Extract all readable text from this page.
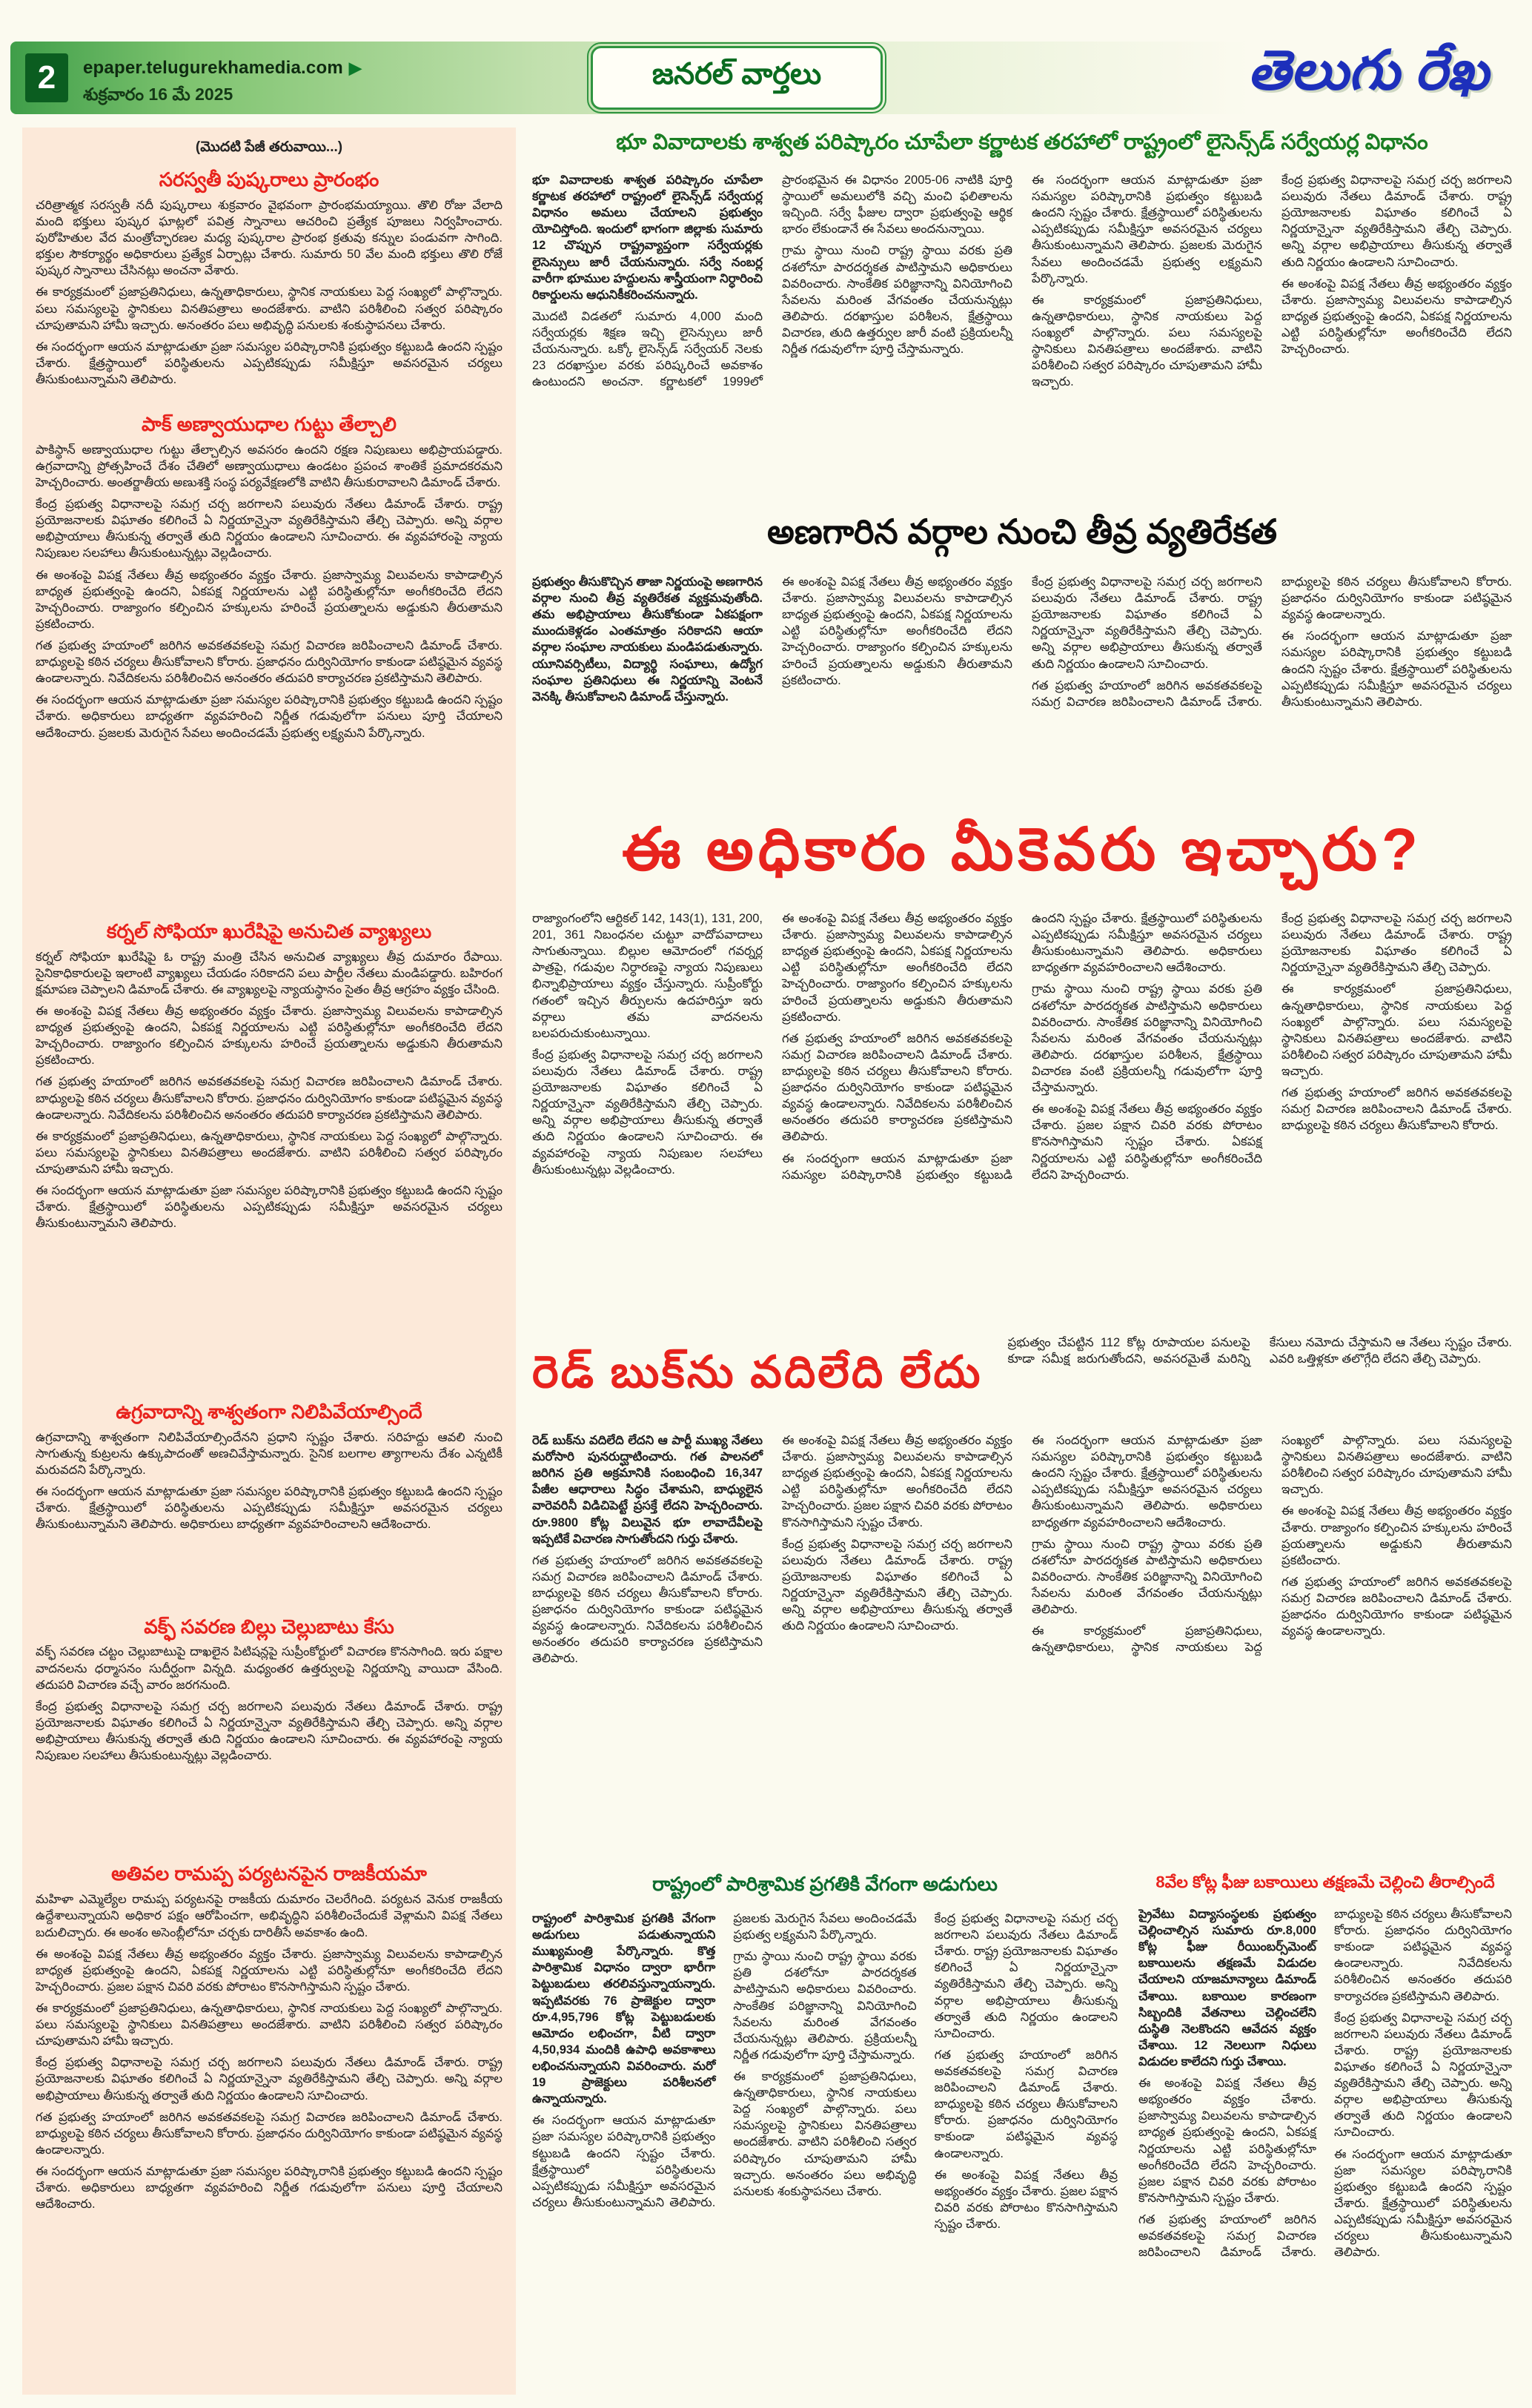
2	epaper.telugurekhamedia.com ▶
శుక్రవారం 16 మే 2025
జనరల్ వార్తలు	తెలుగు రేఖ
(మొదటి పేజీ తరువాయి...)
సరస్వతీ పుష్కరాలు ప్రారంభం

చరిత్రాత్మక సరస్వతీ నదీ పుష్కరాలు శుక్రవారం వైభవంగా ప్రారంభమయ్యాయి. తొలి రోజు వేలాది మంది భక్తులు పుష్కర ఘాట్లలో పవిత్ర స్నానాలు ఆచరించి ప్రత్యేక పూజలు నిర్వహించారు. పురోహితుల వేద మంత్రోచ్ఛారణల మధ్య పుష్కరాల ప్రారంభ క్రతువు కన్నుల పండువగా సాగింది. భక్తుల సౌకర్యార్థం అధికారులు ప్రత్యేక ఏర్పాట్లు చేశారు. సుమారు 50 వేల మంది భక్తులు తొలి రోజే పుష్కర స్నానాలు చేసినట్లు అంచనా వేశారు.

ఈ కార్యక్రమంలో ప్రజాప్రతినిధులు, ఉన్నతాధికారులు, స్థానిక నాయకులు పెద్ద సంఖ్యలో పాల్గొన్నారు. పలు సమస్యలపై స్థానికులు వినతిపత్రాలు అందజేశారు. వాటిని పరిశీలించి సత్వర పరిష్కారం చూపుతామని హామీ ఇచ్చారు. అనంతరం పలు అభివృద్ధి పనులకు శంకుస్థాపనలు చేశారు.

ఈ సందర్భంగా ఆయన మాట్లాడుతూ ప్రజా సమస్యల పరిష్కారానికి ప్రభుత్వం కట్టుబడి ఉందని స్పష్టం చేశారు. క్షేత్రస్థాయిలో పరిస్థితులను ఎప్పటికప్పుడు సమీక్షిస్తూ అవసరమైన చర్యలు తీసుకుంటున్నామని తెలిపారు.

పాక్ అణ్వాయుధాల గుట్టు తేల్చాలి

పాకిస్థాన్ అణ్వాయుధాల గుట్టు తేల్చాల్సిన అవసరం ఉందని రక్షణ నిపుణులు అభిప్రాయపడ్డారు. ఉగ్రవాదాన్ని ప్రోత్సహించే దేశం చేతిలో అణ్వాయుధాలు ఉండటం ప్రపంచ శాంతికే ప్రమాదకరమని హెచ్చరించారు. అంతర్జాతీయ అణుశక్తి సంస్థ పర్యవేక్షణలోకి వాటిని తీసుకురావాలని డిమాండ్ చేశారు.

కేంద్ర ప్రభుత్వ విధానాలపై సమగ్ర చర్చ జరగాలని పలువురు నేతలు డిమాండ్ చేశారు. రాష్ట్ర ప్రయోజనాలకు విఘాతం కలిగించే ఏ నిర్ణయాన్నైనా వ్యతిరేకిస్తామని తేల్చి చెప్పారు. అన్ని వర్గాల అభిప్రాయాలు తీసుకున్న తర్వాతే తుది నిర్ణయం ఉండాలని సూచించారు. ఈ వ్యవహారంపై న్యాయ నిపుణుల సలహాలు తీసుకుంటున్నట్లు వెల్లడించారు.

ఈ అంశంపై విపక్ష నేతలు తీవ్ర అభ్యంతరం వ్యక్తం చేశారు. ప్రజాస్వామ్య విలువలను కాపాడాల్సిన బాధ్యత ప్రభుత్వంపై ఉందని, ఏకపక్ష నిర్ణయాలను ఎట్టి పరిస్థితుల్లోనూ అంగీకరించేది లేదని హెచ్చరించారు. రాజ్యాంగం కల్పించిన హక్కులను హరించే ప్రయత్నాలను అడ్డుకుని తీరుతామని ప్రకటించారు.

గత ప్రభుత్వ హయాంలో జరిగిన అవకతవకలపై సమగ్ర విచారణ జరిపించాలని డిమాండ్ చేశారు. బాధ్యులపై కఠిన చర్యలు తీసుకోవాలని కోరారు. ప్రజాధనం దుర్వినియోగం కాకుండా పటిష్ఠమైన వ్యవస్థ ఉండాలన్నారు. నివేదికలను పరిశీలించిన అనంతరం తదుపరి కార్యాచరణ ప్రకటిస్తామని తెలిపారు.

ఈ సందర్భంగా ఆయన మాట్లాడుతూ ప్రజా సమస్యల పరిష్కారానికి ప్రభుత్వం కట్టుబడి ఉందని స్పష్టం చేశారు. అధికారులు బాధ్యతగా వ్యవహరించి నిర్ణీత గడువులోగా పనులు పూర్తి చేయాలని ఆదేశించారు. ప్రజలకు మెరుగైన సేవలు అందించడమే ప్రభుత్వ లక్ష్యమని పేర్కొన్నారు.

కర్నల్ సోఫియా ఖురేషిపై అనుచిత వ్యాఖ్యలు

కర్నల్ సోఫియా ఖురేషిపై ఓ రాష్ట్ర మంత్రి చేసిన అనుచిత వ్యాఖ్యలు తీవ్ర దుమారం రేపాయి. సైనికాధికారులపై ఇలాంటి వ్యాఖ్యలు చేయడం సరికాదని పలు పార్టీల నేతలు మండిపడ్డారు. బహిరంగ క్షమాపణ చెప్పాలని డిమాండ్ చేశారు. ఈ వ్యాఖ్యలపై న్యాయస్థానం సైతం తీవ్ర ఆగ్రహం వ్యక్తం చేసింది.

ఈ అంశంపై విపక్ష నేతలు తీవ్ర అభ్యంతరం వ్యక్తం చేశారు. ప్రజాస్వామ్య విలువలను కాపాడాల్సిన బాధ్యత ప్రభుత్వంపై ఉందని, ఏకపక్ష నిర్ణయాలను ఎట్టి పరిస్థితుల్లోనూ అంగీకరించేది లేదని హెచ్చరించారు. రాజ్యాంగం కల్పించిన హక్కులను హరించే ప్రయత్నాలను అడ్డుకుని తీరుతామని ప్రకటించారు.

గత ప్రభుత్వ హయాంలో జరిగిన అవకతవకలపై సమగ్ర విచారణ జరిపించాలని డిమాండ్ చేశారు. బాధ్యులపై కఠిన చర్యలు తీసుకోవాలని కోరారు. ప్రజాధనం దుర్వినియోగం కాకుండా పటిష్ఠమైన వ్యవస్థ ఉండాలన్నారు. నివేదికలను పరిశీలించిన అనంతరం తదుపరి కార్యాచరణ ప్రకటిస్తామని తెలిపారు.

ఈ కార్యక్రమంలో ప్రజాప్రతినిధులు, ఉన్నతాధికారులు, స్థానిక నాయకులు పెద్ద సంఖ్యలో పాల్గొన్నారు. పలు సమస్యలపై స్థానికులు వినతిపత్రాలు అందజేశారు. వాటిని పరిశీలించి సత్వర పరిష్కారం చూపుతామని హామీ ఇచ్చారు.

ఈ సందర్భంగా ఆయన మాట్లాడుతూ ప్రజా సమస్యల పరిష్కారానికి ప్రభుత్వం కట్టుబడి ఉందని స్పష్టం చేశారు. క్షేత్రస్థాయిలో పరిస్థితులను ఎప్పటికప్పుడు సమీక్షిస్తూ అవసరమైన చర్యలు తీసుకుంటున్నామని తెలిపారు.

ఉగ్రవాదాన్ని శాశ్వతంగా నిలిపివేయాల్సిందే

ఉగ్రవాదాన్ని శాశ్వతంగా నిలిపివేయాల్సిందేనని ప్రధాని స్పష్టం చేశారు. సరిహద్దు ఆవలి నుంచి సాగుతున్న కుట్రలను ఉక్కుపాదంతో అణచివేస్తామన్నారు. సైనిక బలగాల త్యాగాలను దేశం ఎన్నటికీ మరువదని పేర్కొన్నారు.

ఈ సందర్భంగా ఆయన మాట్లాడుతూ ప్రజా సమస్యల పరిష్కారానికి ప్రభుత్వం కట్టుబడి ఉందని స్పష్టం చేశారు. క్షేత్రస్థాయిలో పరిస్థితులను ఎప్పటికప్పుడు సమీక్షిస్తూ అవసరమైన చర్యలు తీసుకుంటున్నామని తెలిపారు. అధికారులు బాధ్యతగా వ్యవహరించాలని ఆదేశించారు.

వక్ఫ్ సవరణ బిల్లు చెల్లుబాటు కేసు

వక్ఫ్ సవరణ చట్టం చెల్లుబాటుపై దాఖలైన పిటిషన్లపై సుప్రీంకోర్టులో విచారణ కొనసాగింది. ఇరు పక్షాల వాదనలను ధర్మాసనం సుదీర్ఘంగా విన్నది. మధ్యంతర ఉత్తర్వులపై నిర్ణయాన్ని వాయిదా వేసింది. తదుపరి విచారణ వచ్చే వారం జరగనుంది.

కేంద్ర ప్రభుత్వ విధానాలపై సమగ్ర చర్చ జరగాలని పలువురు నేతలు డిమాండ్ చేశారు. రాష్ట్ర ప్రయోజనాలకు విఘాతం కలిగించే ఏ నిర్ణయాన్నైనా వ్యతిరేకిస్తామని తేల్చి చెప్పారు. అన్ని వర్గాల అభిప్రాయాలు తీసుకున్న తర్వాతే తుది నిర్ణయం ఉండాలని సూచించారు. ఈ వ్యవహారంపై న్యాయ నిపుణుల సలహాలు తీసుకుంటున్నట్లు వెల్లడించారు.

అతివల రామప్ప పర్యటనపైన రాజకీయమా

మహిళా ఎమ్మెల్యేల రామప్ప పర్యటనపై రాజకీయ దుమారం చెలరేగింది. పర్యటన వెనుక రాజకీయ ఉద్దేశాలున్నాయని అధికార పక్షం ఆరోపించగా, అభివృద్ధిని పరిశీలించేందుకే వెళ్లామని విపక్ష నేతలు బదులిచ్చారు. ఈ అంశం అసెంబ్లీలోనూ చర్చకు దారితీసే అవకాశం ఉంది.

ఈ అంశంపై విపక్ష నేతలు తీవ్ర అభ్యంతరం వ్యక్తం చేశారు. ప్రజాస్వామ్య విలువలను కాపాడాల్సిన బాధ్యత ప్రభుత్వంపై ఉందని, ఏకపక్ష నిర్ణయాలను ఎట్టి పరిస్థితుల్లోనూ అంగీకరించేది లేదని హెచ్చరించారు. ప్రజల పక్షాన చివరి వరకు పోరాటం కొనసాగిస్తామని స్పష్టం చేశారు.

ఈ కార్యక్రమంలో ప్రజాప్రతినిధులు, ఉన్నతాధికారులు, స్థానిక నాయకులు పెద్ద సంఖ్యలో పాల్గొన్నారు. పలు సమస్యలపై స్థానికులు వినతిపత్రాలు అందజేశారు. వాటిని పరిశీలించి సత్వర పరిష్కారం చూపుతామని హామీ ఇచ్చారు.

కేంద్ర ప్రభుత్వ విధానాలపై సమగ్ర చర్చ జరగాలని పలువురు నేతలు డిమాండ్ చేశారు. రాష్ట్ర ప్రయోజనాలకు విఘాతం కలిగించే ఏ నిర్ణయాన్నైనా వ్యతిరేకిస్తామని తేల్చి చెప్పారు. అన్ని వర్గాల అభిప్రాయాలు తీసుకున్న తర్వాతే తుది నిర్ణయం ఉండాలని సూచించారు.

గత ప్రభుత్వ హయాంలో జరిగిన అవకతవకలపై సమగ్ర విచారణ జరిపించాలని డిమాండ్ చేశారు. బాధ్యులపై కఠిన చర్యలు తీసుకోవాలని కోరారు. ప్రజాధనం దుర్వినియోగం కాకుండా పటిష్ఠమైన వ్యవస్థ ఉండాలన్నారు.

ఈ సందర్భంగా ఆయన మాట్లాడుతూ ప్రజా సమస్యల పరిష్కారానికి ప్రభుత్వం కట్టుబడి ఉందని స్పష్టం చేశారు. అధికారులు బాధ్యతగా వ్యవహరించి నిర్ణీత గడువులోగా పనులు పూర్తి చేయాలని ఆదేశించారు.

భూ వివాదాలకు శాశ్వత పరిష్కారం చూపేలా కర్ణాటక తరహాలో రాష్ట్రంలో లైసెన్స్‌డ్ సర్వేయర్ల విధానం

భూ వివాదాలకు శాశ్వత పరిష్కారం చూపేలా కర్ణాటక తరహాలో రాష్ట్రంలో లైసెన్స్‌డ్ సర్వేయర్ల విధానం అమలు చేయాలని ప్రభుత్వం యోచిస్తోంది. ఇందులో భాగంగా జిల్లాకు సుమారు 12 చొప్పున రాష్ట్రవ్యాప్తంగా సర్వేయర్లకు లైసెన్సులు జారీ చేయనున్నారు. సర్వే నంబర్ల వారీగా భూముల హద్దులను శాస్త్రీయంగా నిర్ధారించి రికార్డులను ఆధునికీకరించనున్నారు.

మొదటి విడతలో సుమారు 4,000 మంది సర్వేయర్లకు శిక్షణ ఇచ్చి లైసెన్సులు జారీ చేయనున్నారు. ఒక్కో లైసెన్స్‌డ్ సర్వేయర్ నెలకు 23 దరఖాస్తుల వరకు పరిష్కరించే అవకాశం ఉంటుందని అంచనా. కర్ణాటకలో 1999లో ప్రారంభమైన ఈ విధానం 2005-06 నాటికి పూర్తి స్థాయిలో అమలులోకి వచ్చి మంచి ఫలితాలను ఇచ్చింది. సర్వే ఫీజుల ద్వారా ప్రభుత్వంపై ఆర్థిక భారం లేకుండానే ఈ సేవలు అందనున్నాయి.

గ్రామ స్థాయి నుంచి రాష్ట్ర స్థాయి వరకు ప్రతి దశలోనూ పారదర్శకత పాటిస్తామని అధికారులు వివరించారు. సాంకేతిక పరిజ్ఞానాన్ని వినియోగించి సేవలను మరింత వేగవంతం చేయనున్నట్లు తెలిపారు. దరఖాస్తుల పరిశీలన, క్షేత్రస్థాయి విచారణ, తుది ఉత్తర్వుల జారీ వంటి ప్రక్రియలన్నీ నిర్ణీత గడువులోగా పూర్తి చేస్తామన్నారు.

ఈ సందర్భంగా ఆయన మాట్లాడుతూ ప్రజా సమస్యల పరిష్కారానికి ప్రభుత్వం కట్టుబడి ఉందని స్పష్టం చేశారు. క్షేత్రస్థాయిలో పరిస్థితులను ఎప్పటికప్పుడు సమీక్షిస్తూ అవసరమైన చర్యలు తీసుకుంటున్నామని తెలిపారు. ప్రజలకు మెరుగైన సేవలు అందించడమే ప్రభుత్వ లక్ష్యమని పేర్కొన్నారు.

ఈ కార్యక్రమంలో ప్రజాప్రతినిధులు, ఉన్నతాధికారులు, స్థానిక నాయకులు పెద్ద సంఖ్యలో పాల్గొన్నారు. పలు సమస్యలపై స్థానికులు వినతిపత్రాలు అందజేశారు. వాటిని పరిశీలించి సత్వర పరిష్కారం చూపుతామని హామీ ఇచ్చారు.

కేంద్ర ప్రభుత్వ విధానాలపై సమగ్ర చర్చ జరగాలని పలువురు నేతలు డిమాండ్ చేశారు. రాష్ట్ర ప్రయోజనాలకు విఘాతం కలిగించే ఏ నిర్ణయాన్నైనా వ్యతిరేకిస్తామని తేల్చి చెప్పారు. అన్ని వర్గాల అభిప్రాయాలు తీసుకున్న తర్వాతే తుది నిర్ణయం ఉండాలని సూచించారు.

ఈ అంశంపై విపక్ష నేతలు తీవ్ర అభ్యంతరం వ్యక్తం చేశారు. ప్రజాస్వామ్య విలువలను కాపాడాల్సిన బాధ్యత ప్రభుత్వంపై ఉందని, ఏకపక్ష నిర్ణయాలను ఎట్టి పరిస్థితుల్లోనూ అంగీకరించేది లేదని హెచ్చరించారు.

అణగారిన వర్గాల నుంచి తీవ్ర వ్యతిరేకత

ప్రభుత్వం తీసుకొచ్చిన తాజా నిర్ణయంపై అణగారిన వర్గాల నుంచి తీవ్ర వ్యతిరేకత వ్యక్తమవుతోంది. తమ అభిప్రాయాలు తీసుకోకుండా ఏకపక్షంగా ముందుకెళ్లడం ఎంతమాత్రం సరికాదని ఆయా వర్గాల సంఘాల నాయకులు మండిపడుతున్నారు. యూనివర్సిటీలు, విద్యార్థి సంఘాలు, ఉద్యోగ సంఘాల ప్రతినిధులు ఈ నిర్ణయాన్ని వెంటనే వెనక్కి తీసుకోవాలని డిమాండ్ చేస్తున్నారు.

ఈ అంశంపై విపక్ష నేతలు తీవ్ర అభ్యంతరం వ్యక్తం చేశారు. ప్రజాస్వామ్య విలువలను కాపాడాల్సిన బాధ్యత ప్రభుత్వంపై ఉందని, ఏకపక్ష నిర్ణయాలను ఎట్టి పరిస్థితుల్లోనూ అంగీకరించేది లేదని హెచ్చరించారు. రాజ్యాంగం కల్పించిన హక్కులను హరించే ప్రయత్నాలను అడ్డుకుని తీరుతామని ప్రకటించారు.

కేంద్ర ప్రభుత్వ విధానాలపై సమగ్ర చర్చ జరగాలని పలువురు నేతలు డిమాండ్ చేశారు. రాష్ట్ర ప్రయోజనాలకు విఘాతం కలిగించే ఏ నిర్ణయాన్నైనా వ్యతిరేకిస్తామని తేల్చి చెప్పారు. అన్ని వర్గాల అభిప్రాయాలు తీసుకున్న తర్వాతే తుది నిర్ణయం ఉండాలని సూచించారు.

గత ప్రభుత్వ హయాంలో జరిగిన అవకతవకలపై సమగ్ర విచారణ జరిపించాలని డిమాండ్ చేశారు. బాధ్యులపై కఠిన చర్యలు తీసుకోవాలని కోరారు. ప్రజాధనం దుర్వినియోగం కాకుండా పటిష్ఠమైన వ్యవస్థ ఉండాలన్నారు.

ఈ సందర్భంగా ఆయన మాట్లాడుతూ ప్రజా సమస్యల పరిష్కారానికి ప్రభుత్వం కట్టుబడి ఉందని స్పష్టం చేశారు. క్షేత్రస్థాయిలో పరిస్థితులను ఎప్పటికప్పుడు సమీక్షిస్తూ అవసరమైన చర్యలు తీసుకుంటున్నామని తెలిపారు.

ఈ అధికారం మీకెవరు ఇచ్చారు?

రాజ్యాంగంలోని ఆర్టికల్ 142, 143(1), 131, 200, 201, 361 నిబంధనల చుట్టూ వాదోపవాదాలు సాగుతున్నాయి. బిల్లుల ఆమోదంలో గవర్నర్ల పాత్రపై, గడువుల నిర్ధారణపై న్యాయ నిపుణులు భిన్నాభిప్రాయాలు వ్యక్తం చేస్తున్నారు. సుప్రీంకోర్టు గతంలో ఇచ్చిన తీర్పులను ఉదహరిస్తూ ఇరు వర్గాలు తమ వాదనలను బలపరుచుకుంటున్నాయి.

కేంద్ర ప్రభుత్వ విధానాలపై సమగ్ర చర్చ జరగాలని పలువురు నేతలు డిమాండ్ చేశారు. రాష్ట్ర ప్రయోజనాలకు విఘాతం కలిగించే ఏ నిర్ణయాన్నైనా వ్యతిరేకిస్తామని తేల్చి చెప్పారు. అన్ని వర్గాల అభిప్రాయాలు తీసుకున్న తర్వాతే తుది నిర్ణయం ఉండాలని సూచించారు. ఈ వ్యవహారంపై న్యాయ నిపుణుల సలహాలు తీసుకుంటున్నట్లు వెల్లడించారు.

ఈ అంశంపై విపక్ష నేతలు తీవ్ర అభ్యంతరం వ్యక్తం చేశారు. ప్రజాస్వామ్య విలువలను కాపాడాల్సిన బాధ్యత ప్రభుత్వంపై ఉందని, ఏకపక్ష నిర్ణయాలను ఎట్టి పరిస్థితుల్లోనూ అంగీకరించేది లేదని హెచ్చరించారు. రాజ్యాంగం కల్పించిన హక్కులను హరించే ప్రయత్నాలను అడ్డుకుని తీరుతామని ప్రకటించారు.

గత ప్రభుత్వ హయాంలో జరిగిన అవకతవకలపై సమగ్ర విచారణ జరిపించాలని డిమాండ్ చేశారు. బాధ్యులపై కఠిన చర్యలు తీసుకోవాలని కోరారు. ప్రజాధనం దుర్వినియోగం కాకుండా పటిష్ఠమైన వ్యవస్థ ఉండాలన్నారు. నివేదికలను పరిశీలించిన అనంతరం తదుపరి కార్యాచరణ ప్రకటిస్తామని తెలిపారు.

ఈ సందర్భంగా ఆయన మాట్లాడుతూ ప్రజా సమస్యల పరిష్కారానికి ప్రభుత్వం కట్టుబడి ఉందని స్పష్టం చేశారు. క్షేత్రస్థాయిలో పరిస్థితులను ఎప్పటికప్పుడు సమీక్షిస్తూ అవసరమైన చర్యలు తీసుకుంటున్నామని తెలిపారు. అధికారులు బాధ్యతగా వ్యవహరించాలని ఆదేశించారు.

గ్రామ స్థాయి నుంచి రాష్ట్ర స్థాయి వరకు ప్రతి దశలోనూ పారదర్శకత పాటిస్తామని అధికారులు వివరించారు. సాంకేతిక పరిజ్ఞానాన్ని వినియోగించి సేవలను మరింత వేగవంతం చేయనున్నట్లు తెలిపారు. దరఖాస్తుల పరిశీలన, క్షేత్రస్థాయి విచారణ వంటి ప్రక్రియలన్నీ గడువులోగా పూర్తి చేస్తామన్నారు.

ఈ అంశంపై విపక్ష నేతలు తీవ్ర అభ్యంతరం వ్యక్తం చేశారు. ప్రజల పక్షాన చివరి వరకు పోరాటం కొనసాగిస్తామని స్పష్టం చేశారు. ఏకపక్ష నిర్ణయాలను ఎట్టి పరిస్థితుల్లోనూ అంగీకరించేది లేదని హెచ్చరించారు.

కేంద్ర ప్రభుత్వ విధానాలపై సమగ్ర చర్చ జరగాలని పలువురు నేతలు డిమాండ్ చేశారు. రాష్ట్ర ప్రయోజనాలకు విఘాతం కలిగించే ఏ నిర్ణయాన్నైనా వ్యతిరేకిస్తామని తేల్చి చెప్పారు.

ఈ కార్యక్రమంలో ప్రజాప్రతినిధులు, ఉన్నతాధికారులు, స్థానిక నాయకులు పెద్ద సంఖ్యలో పాల్గొన్నారు. పలు సమస్యలపై స్థానికులు వినతిపత్రాలు అందజేశారు. వాటిని పరిశీలించి సత్వర పరిష్కారం చూపుతామని హామీ ఇచ్చారు.

గత ప్రభుత్వ హయాంలో జరిగిన అవకతవకలపై సమగ్ర విచారణ జరిపించాలని డిమాండ్ చేశారు. బాధ్యులపై కఠిన చర్యలు తీసుకోవాలని కోరారు.

రెడ్ బుక్‌ను వదిలేది లేదు

ప్రభుత్వం చేపట్టిన 112 కోట్ల రూపాయల పనులపై కూడా సమీక్ష జరుగుతోందని, అవసరమైతే మరిన్ని కేసులు నమోదు చేస్తామని ఆ నేతలు స్పష్టం చేశారు. ఎవరి ఒత్తిళ్లకూ తలొగ్గేది లేదని తేల్చి చెప్పారు.

రెడ్ బుక్‌ను వదిలేది లేదని ఆ పార్టీ ముఖ్య నేతలు మరోసారి పునరుద్ఘాటించారు. గత పాలనలో జరిగిన ప్రతి అక్రమానికి సంబంధించి 16,347 పేజీల ఆధారాలు సిద్ధం చేశామని, బాధ్యులైన వారెవరినీ విడిచిపెట్టే ప్రసక్తే లేదని హెచ్చరించారు. రూ.9800 కోట్ల విలువైన భూ లావాదేవీలపై ఇప్పటికే విచారణ సాగుతోందని గుర్తు చేశారు.

గత ప్రభుత్వ హయాంలో జరిగిన అవకతవకలపై సమగ్ర విచారణ జరిపించాలని డిమాండ్ చేశారు. బాధ్యులపై కఠిన చర్యలు తీసుకోవాలని కోరారు. ప్రజాధనం దుర్వినియోగం కాకుండా పటిష్ఠమైన వ్యవస్థ ఉండాలన్నారు. నివేదికలను పరిశీలించిన అనంతరం తదుపరి కార్యాచరణ ప్రకటిస్తామని తెలిపారు.

ఈ అంశంపై విపక్ష నేతలు తీవ్ర అభ్యంతరం వ్యక్తం చేశారు. ప్రజాస్వామ్య విలువలను కాపాడాల్సిన బాధ్యత ప్రభుత్వంపై ఉందని, ఏకపక్ష నిర్ణయాలను ఎట్టి పరిస్థితుల్లోనూ అంగీకరించేది లేదని హెచ్చరించారు. ప్రజల పక్షాన చివరి వరకు పోరాటం కొనసాగిస్తామని స్పష్టం చేశారు.

కేంద్ర ప్రభుత్వ విధానాలపై సమగ్ర చర్చ జరగాలని పలువురు నేతలు డిమాండ్ చేశారు. రాష్ట్ర ప్రయోజనాలకు విఘాతం కలిగించే ఏ నిర్ణయాన్నైనా వ్యతిరేకిస్తామని తేల్చి చెప్పారు. అన్ని వర్గాల అభిప్రాయాలు తీసుకున్న తర్వాతే తుది నిర్ణయం ఉండాలని సూచించారు.

ఈ సందర్భంగా ఆయన మాట్లాడుతూ ప్రజా సమస్యల పరిష్కారానికి ప్రభుత్వం కట్టుబడి ఉందని స్పష్టం చేశారు. క్షేత్రస్థాయిలో పరిస్థితులను ఎప్పటికప్పుడు సమీక్షిస్తూ అవసరమైన చర్యలు తీసుకుంటున్నామని తెలిపారు. అధికారులు బాధ్యతగా వ్యవహరించాలని ఆదేశించారు.

గ్రామ స్థాయి నుంచి రాష్ట్ర స్థాయి వరకు ప్రతి దశలోనూ పారదర్శకత పాటిస్తామని అధికారులు వివరించారు. సాంకేతిక పరిజ్ఞానాన్ని వినియోగించి సేవలను మరింత వేగవంతం చేయనున్నట్లు తెలిపారు.

ఈ కార్యక్రమంలో ప్రజాప్రతినిధులు, ఉన్నతాధికారులు, స్థానిక నాయకులు పెద్ద సంఖ్యలో పాల్గొన్నారు. పలు సమస్యలపై స్థానికులు వినతిపత్రాలు అందజేశారు. వాటిని పరిశీలించి సత్వర పరిష్కారం చూపుతామని హామీ ఇచ్చారు.

ఈ అంశంపై విపక్ష నేతలు తీవ్ర అభ్యంతరం వ్యక్తం చేశారు. రాజ్యాంగం కల్పించిన హక్కులను హరించే ప్రయత్నాలను అడ్డుకుని తీరుతామని ప్రకటించారు.

గత ప్రభుత్వ హయాంలో జరిగిన అవకతవకలపై సమగ్ర విచారణ జరిపించాలని డిమాండ్ చేశారు. ప్రజాధనం దుర్వినియోగం కాకుండా పటిష్ఠమైన వ్యవస్థ ఉండాలన్నారు.

రాష్ట్రంలో పారిశ్రామిక ప్రగతికి వేగంగా అడుగులు

రాష్ట్రంలో పారిశ్రామిక ప్రగతికి వేగంగా అడుగులు పడుతున్నాయని ముఖ్యమంత్రి పేర్కొన్నారు. కొత్త పారిశ్రామిక విధానం ద్వారా భారీగా పెట్టుబడులు తరలివస్తున్నాయన్నారు. ఇప్పటివరకు 76 ప్రాజెక్టుల ద్వారా రూ.4,95,796 కోట్ల పెట్టుబడులకు ఆమోదం లభించగా, వీటి ద్వారా 4,50,934 మందికి ఉపాధి అవకాశాలు లభించనున్నాయని వివరించారు. మరో 19 ప్రాజెక్టులు పరిశీలనలో ఉన్నాయన్నారు.

ఈ సందర్భంగా ఆయన మాట్లాడుతూ ప్రజా సమస్యల పరిష్కారానికి ప్రభుత్వం కట్టుబడి ఉందని స్పష్టం చేశారు. క్షేత్రస్థాయిలో పరిస్థితులను ఎప్పటికప్పుడు సమీక్షిస్తూ అవసరమైన చర్యలు తీసుకుంటున్నామని తెలిపారు. ప్రజలకు మెరుగైన సేవలు అందించడమే ప్రభుత్వ లక్ష్యమని పేర్కొన్నారు.

గ్రామ స్థాయి నుంచి రాష్ట్ర స్థాయి వరకు ప్రతి దశలోనూ పారదర్శకత పాటిస్తామని అధికారులు వివరించారు. సాంకేతిక పరిజ్ఞానాన్ని వినియోగించి సేవలను మరింత వేగవంతం చేయనున్నట్లు తెలిపారు. ప్రక్రియలన్నీ నిర్ణీత గడువులోగా పూర్తి చేస్తామన్నారు.

ఈ కార్యక్రమంలో ప్రజాప్రతినిధులు, ఉన్నతాధికారులు, స్థానిక నాయకులు పెద్ద సంఖ్యలో పాల్గొన్నారు. పలు సమస్యలపై స్థానికులు వినతిపత్రాలు అందజేశారు. వాటిని పరిశీలించి సత్వర పరిష్కారం చూపుతామని హామీ ఇచ్చారు. అనంతరం పలు అభివృద్ధి పనులకు శంకుస్థాపనలు చేశారు.

కేంద్ర ప్రభుత్వ విధానాలపై సమగ్ర చర్చ జరగాలని పలువురు నేతలు డిమాండ్ చేశారు. రాష్ట్ర ప్రయోజనాలకు విఘాతం కలిగించే ఏ నిర్ణయాన్నైనా వ్యతిరేకిస్తామని తేల్చి చెప్పారు. అన్ని వర్గాల అభిప్రాయాలు తీసుకున్న తర్వాతే తుది నిర్ణయం ఉండాలని సూచించారు.

గత ప్రభుత్వ హయాంలో జరిగిన అవకతవకలపై సమగ్ర విచారణ జరిపించాలని డిమాండ్ చేశారు. బాధ్యులపై కఠిన చర్యలు తీసుకోవాలని కోరారు. ప్రజాధనం దుర్వినియోగం కాకుండా పటిష్ఠమైన వ్యవస్థ ఉండాలన్నారు.

ఈ అంశంపై విపక్ష నేతలు తీవ్ర అభ్యంతరం వ్యక్తం చేశారు. ప్రజల పక్షాన చివరి వరకు పోరాటం కొనసాగిస్తామని స్పష్టం చేశారు.

8వేల కోట్ల ఫీజు బకాయిలు తక్షణమే చెల్లించి తీరాల్సిందే

ప్రైవేటు విద్యాసంస్థలకు ప్రభుత్వం చెల్లించాల్సిన సుమారు రూ.8,000 కోట్ల ఫీజు రీయింబర్స్‌మెంట్ బకాయిలను తక్షణమే విడుదల చేయాలని యాజమాన్యాలు డిమాండ్ చేశాయి. బకాయిల కారణంగా సిబ్బందికి వేతనాలు చెల్లించలేని దుస్థితి నెలకొందని ఆవేదన వ్యక్తం చేశాయి. 12 నెలలుగా నిధులు విడుదల కాలేదని గుర్తు చేశాయి.

ఈ అంశంపై విపక్ష నేతలు తీవ్ర అభ్యంతరం వ్యక్తం చేశారు. ప్రజాస్వామ్య విలువలను కాపాడాల్సిన బాధ్యత ప్రభుత్వంపై ఉందని, ఏకపక్ష నిర్ణయాలను ఎట్టి పరిస్థితుల్లోనూ అంగీకరించేది లేదని హెచ్చరించారు. ప్రజల పక్షాన చివరి వరకు పోరాటం కొనసాగిస్తామని స్పష్టం చేశారు.

గత ప్రభుత్వ హయాంలో జరిగిన అవకతవకలపై సమగ్ర విచారణ జరిపించాలని డిమాండ్ చేశారు. బాధ్యులపై కఠిన చర్యలు తీసుకోవాలని కోరారు. ప్రజాధనం దుర్వినియోగం కాకుండా పటిష్ఠమైన వ్యవస్థ ఉండాలన్నారు. నివేదికలను పరిశీలించిన అనంతరం తదుపరి కార్యాచరణ ప్రకటిస్తామని తెలిపారు.

కేంద్ర ప్రభుత్వ విధానాలపై సమగ్ర చర్చ జరగాలని పలువురు నేతలు డిమాండ్ చేశారు. రాష్ట్ర ప్రయోజనాలకు విఘాతం కలిగించే ఏ నిర్ణయాన్నైనా వ్యతిరేకిస్తామని తేల్చి చెప్పారు. అన్ని వర్గాల అభిప్రాయాలు తీసుకున్న తర్వాతే తుది నిర్ణయం ఉండాలని సూచించారు.

ఈ సందర్భంగా ఆయన మాట్లాడుతూ ప్రజా సమస్యల పరిష్కారానికి ప్రభుత్వం కట్టుబడి ఉందని స్పష్టం చేశారు. క్షేత్రస్థాయిలో పరిస్థితులను ఎప్పటికప్పుడు సమీక్షిస్తూ అవసరమైన చర్యలు తీసుకుంటున్నామని తెలిపారు.
